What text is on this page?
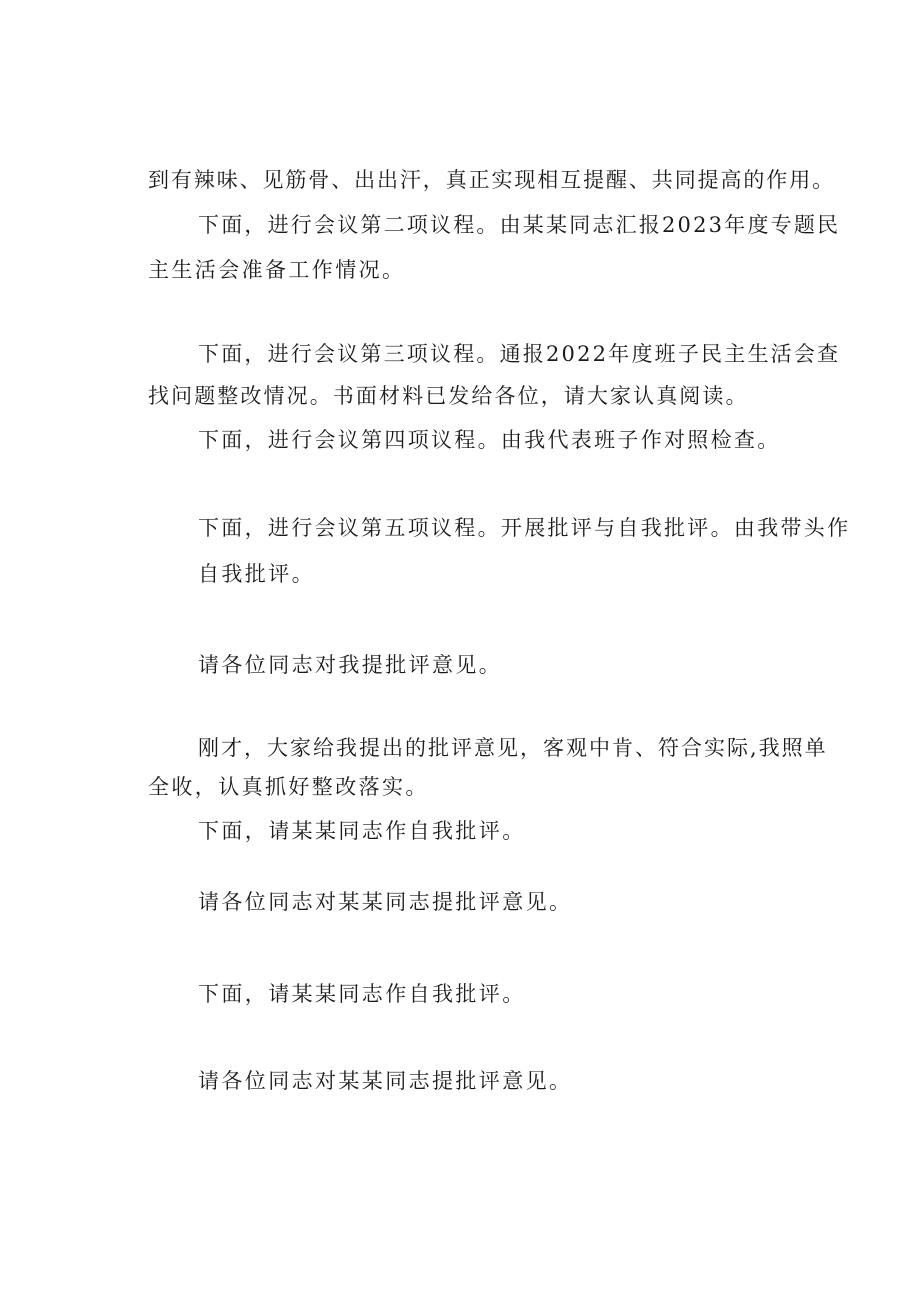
到有辣味、见筋骨、出出汗，真正实现相互提醒、共同提高的作用。
下面，进行会议第二项议程。由某某同志汇报2023年度专题民
主生活会准备工作情况。
下面，进行会议第三项议程。通报2022年度班子民主生活会查
找问题整改情况。书面材料已发给各位，请大家认真阅读。
下面，进行会议第四项议程。由我代表班子作对照检查。
下面，进行会议第五项议程。开展批评与自我批评。由我带头作
自我批评。
请各位同志对我提批评意见。
刚才，大家给我提出的批评意见，客观中肯、符合实际,我照单
全收，认真抓好整改落实。
下面，请某某同志作自我批评。
请各位同志对某某同志提批评意见。
下面，请某某同志作自我批评。
请各位同志对某某同志提批评意见。
